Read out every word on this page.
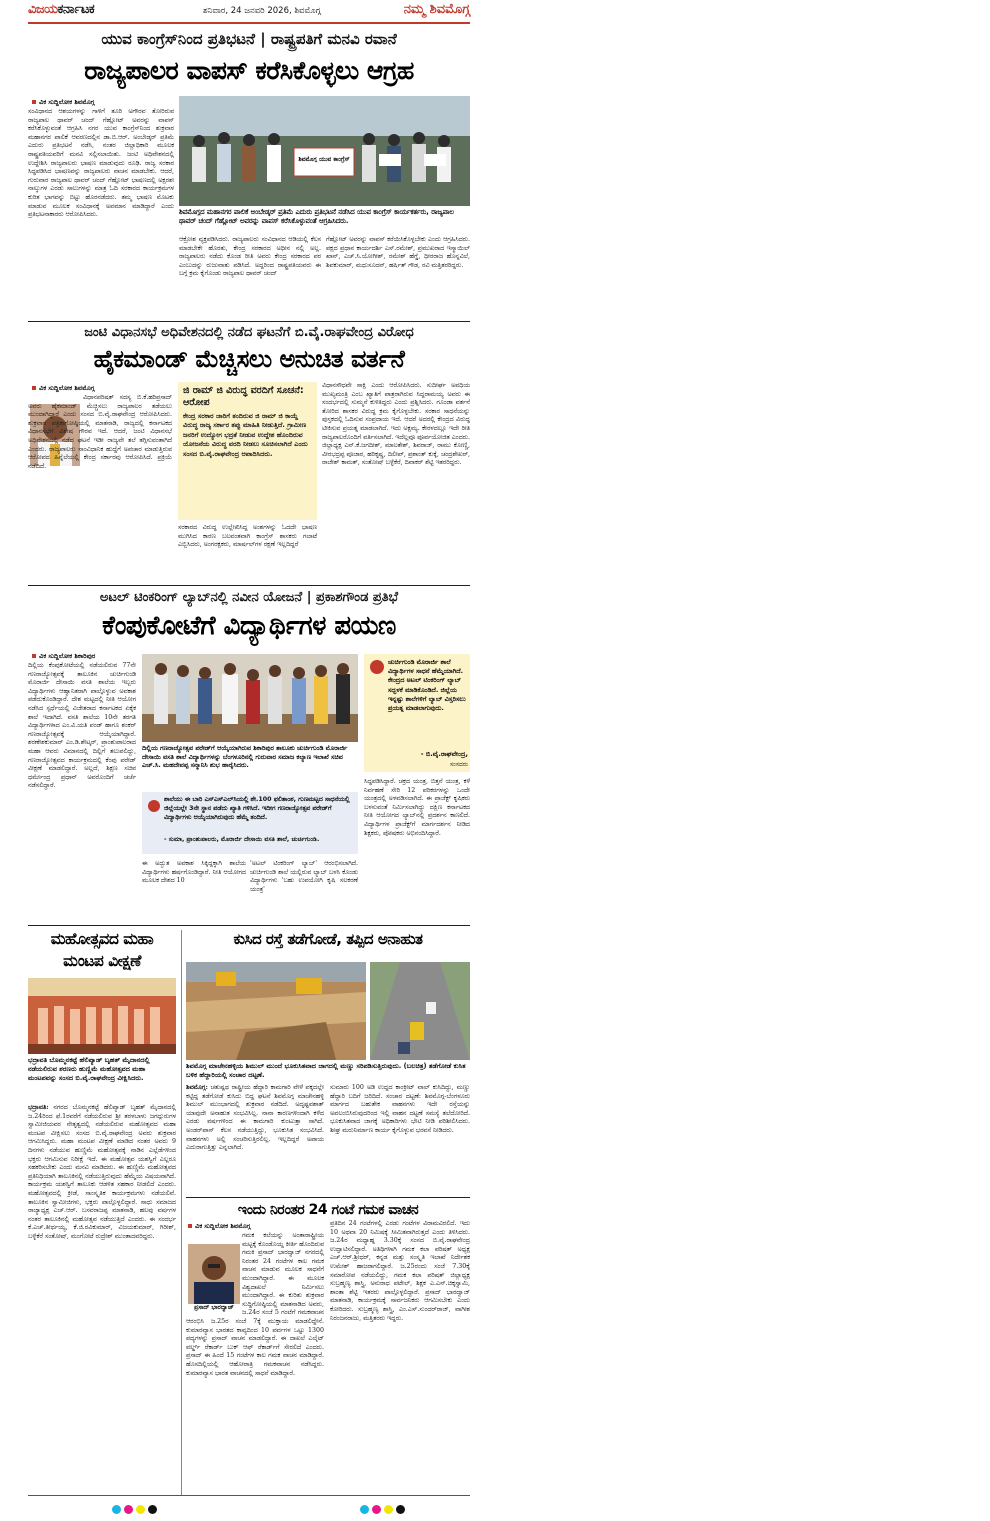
ವಿಜಯಕರ್ನಾಟಕ	ಶನಿವಾರ, 24 ಜನವರಿ 2026, ಶಿವಮೊಗ್ಗ	ನಮ್ಮ ಶಿವಮೊಗ್ಗ
ಯುವ ಕಾಂಗ್ರೆಸ್‌ನಿಂದ ಪ್ರತಿಭಟನೆ | ರಾಷ್ಟ್ರಪತಿಗೆ ಮನವಿ ರವಾನೆ
ರಾಜ್ಯಪಾಲರ ವಾಪಸ್ ಕರೆಸಿಕೊಳ್ಳಲು ಆಗ್ರಹ
ವಿಕ ಸುದ್ದಿಲೋಕ ಶಿವಮೊಗ್ಗ
ಸಂವಿಧಾನದ ಆಶಯಗಳನ್ನು ಗಾಳಿಗೆ ತೂರಿ ಅಗೌರವ ತೋರಿರುವ ರಾಜ್ಯಪಾಲ ಥಾವರ್ ಚಂದ್ ಗೆಹ್ಲೋಟ್ ಅವರನ್ನು ವಾಪಸ್ ಕರೆಸಿಕೊಳ್ಳುವಂತೆ ಆಗ್ರಹಿಸಿ ನಗರ ಯುವ ಕಾಂಗ್ರೆಸ್‌ನಿಂದ ಶುಕ್ರವಾರ ಮಹಾನಗರ ಪಾಲಿಕೆ ಆವರಣದಲ್ಲಿನ ಡಾ.ಬಿ.ಆರ್. ಅಂಬೇಡ್ಕರ್ ಪ್ರತಿಮೆ ಎದುರು ಪ್ರತಿಭಟನೆ ನಡೆಸಿ, ನಂತರ ಜಿಲ್ಲಾಧಿಕಾರಿ ಮೂಲಕ ರಾಷ್ಟ್ರಪತಿಯವರಿಗೆ ಮನವಿ ಸಲ್ಲಿಸಲಾಯಿತು. ಜಂಟಿ ಅಧಿವೇಶನದಲ್ಲಿ ಉದ್ದೇಶಿಸಿ ರಾಜ್ಯಪಾಲರು ಭಾಷಣ ಮಾಡುವುದು ರೂಢಿ. ರಾಜ್ಯ ಸರಕಾರ ಸಿದ್ಧಪಡಿಸಿದ ಭಾಷಣವನ್ನು ರಾಜ್ಯಪಾಲರು ವಾಚನ ಮಾಡಬೇಕು. ಆದರೆ, ಗುರುವಾರ ರಾಜ್ಯಪಾಲ ಥಾವರ್ ಚಂದ್ ಗೆಹ್ಲೋಟ್ ಭಾಷಣದಲ್ಲಿ ಅಕ್ಷರಶಃ ನಾಲ್ಕುಗಳ ಎರಡು ಸಾಲುಗಳನ್ನು ಮಾತ್ರ ಓದಿ ಸರಕಾರದ ಕಾರ್ಯಕ್ರಮಗಳ ಕುರಿತ ಭಾಗವನ್ನು ಬಿಟ್ಟು ಹೊರನಡೆದರು. ತಮ್ಮ ಭಾಷಣ ಮೊಟಕು ಮಾಡುವ ಮೂಲಕ ಸಂವಿಧಾನಕ್ಕೆ ಅವಮಾನ ಮಾಡಿದ್ದಾರೆ ಎಂದು ಪ್ರತಿಭಟನಾಕಾರರು ಆರೋಪಿಸಿದರು.
ಶಿವಮೊಗ್ಗ ಯುವ ಕಾಂಗ್ರೆಸ್
ಶಿವಮೊಗ್ಗದ ಮಹಾನಗರ ಪಾಲಿಕೆ ಅಂಬೇಡ್ಕರ್ ಪ್ರತಿಮೆ ಎದುರು ಪ್ರತಿಭಟನೆ ನಡೆಸಿದ ಯುವ ಕಾಂಗ್ರೆಸ್ ಕಾರ್ಯಕರ್ತರು, ರಾಜ್ಯಪಾಲ ಥಾವರ್ ಚಂದ್ ಗೆಹ್ಲೋಟ್ ಅವರನ್ನು ವಾಪಸ್ ಕರೆಸಿಕೊಳ್ಳುವಂತೆ ಆಗ್ರಹಿಸಿದರು.
ಆಕ್ರೋಶ ವ್ಯಕ್ತಪಡಿಸಿದರು. ರಾಜ್ಯಪಾಲರು ಸಂವಿಧಾನದ ಆಡಿಯಲ್ಲಿ ಕೆಲಸ ಮಾಡಬೇಕೇ ಹೊರತು, ಕೇಂದ್ರ ಸರಕಾರದ ಅಧೀನ ನಲ್ಲಿ ಅಲ್ಲ. ರಾಜ್ಯಪಾಲರು ನಡೆದು ಕೊಂಡ ರೀತಿ ಅವರು ಕೇಂದ್ರ ಸರಕಾರದ ಪರ ಎಂಬುದನ್ನು ರುಜುವಾತು ಪಡಿಸಿದೆ. ಅದ್ದರಿಂದ ರಾಷ್ಟ್ರಪತಿಯವರು ಈ ಬಗ್ಗೆ ಕ್ರಮ ಕೈಗೊಂಡು ರಾಜ್ಯಪಾಲ ಥಾವರ್ ಚಂದ್
ಗೆಹ್ಲೋಟ್ ಅವರನ್ನು ವಾಪಸ್ ಕರೆಯಿಸಿಕೊಳ್ಳಬೇಕು ಎಂದು ಆಗ್ರಹಿಸಿದರು. ಪಕ್ಷದ ಪ್ರಧಾನ ಕಾರ್ಯದರ್ಶಿ ಎಸ್.ರಮೇಶ್, ಪ್ರಮುಖರಾದ ಇಸ್ಮಾಯಿಲ್ ಖಾನ್, ಎಚ್.ಸಿ.ಯೋಗೀಶ್, ರಮೇಶ್ ಹೆಗ್ಡೆ, ಧೀರರಾಜ ಹೊನ್ನವಿಲೆ, ಶಿವಕುಮಾರ್, ಮಧುಸೂದನ್, ಹರ್ಷಿತ್ ಗೌಡ, ರವಿ ಮತ್ತಿತರರಿದ್ದರು.
ಜಂಟಿ ವಿಧಾನಸಭೆ ಅಧಿವೇಶನದಲ್ಲಿ ನಡೆದ ಘಟನೆಗೆ ಬಿ.ವೈ.ರಾಘವೇಂದ್ರ ವಿರೋಧ
ಹೈಕಮಾಂಡ್ ಮೆಚ್ಚಿಸಲು ಅನುಚಿತ ವರ್ತನೆ
ವಿಕ ಸುದ್ದಿಲೋಕ ಶಿವಮೊಗ್ಗ
ವಿಧಾನಪರಿಷತ್ ಸದಸ್ಯ ಬಿ.ಕೆ.ಹರಿಪ್ರಸಾದ್ ಅವರು ಹೈಕಮಾಂಡ್ ಮೆಚ್ಚಿಸಲು ರಾಜ್ಯಪಾಲರ ತಡೆಯಲು ಮುಂದಾಗಿದ್ದಾರೆ ಎಂದು ಸಂಸದ ಬಿ.ವೈ.ರಾಘವೇಂದ್ರ ಆರೋಪಿಸಿದರು. ಶುಕ್ರವಾರ ಪತ್ರಿಕಾಗೋಷ್ಠಿಯಲ್ಲಿ ಮಾತನಾಡಿ, ರಾಜ್ಯದಲ್ಲಿ ಕರ್ನಾಟಕದ ವಿಧಾನಸಭೆಗೆ ವಿಶೇಷ ಗೌರವ ಇದೆ. ಆದರೆ, ಜಂಟಿ ವಿಧಾನಸಭೆ ಅಧಿವೇಶನದಲ್ಲಿ ನಡೆದ ಘಟನೆ ಇಡೀ ರಾಜ್ಯವೇ ತಲೆ ತಗ್ಗಿಸುವಂತಾಗಿದೆ ಎಂದರು. ರಾಜ್ಯಪಾಲರು ಸಾಂವಿಧಾನಿಕ ಹುದ್ದೆಗೆ ಅಪಚಾರ ಮಾಡುತ್ತಿರುವ ಆರೋಪದ ಹಿನ್ನೆಲೆಯಲ್ಲಿ ಕೇಂದ್ರ ಸರ್ಕಾರವು ಆರೋಪಿಸಿದೆ. ಪ್ರಕ್ರಿಯೆ ನಡೆದಿದೆ.
ಜಿ ರಾಮ್ ಜಿ ವಿರುದ್ಧ ವರದಿಗೆ ಸೂಚನೆ: ಆರೋಪ
ಕೇಂದ್ರ ಸರಕಾರ ಜಾರಿಗೆ ತಂದಿರುವ ಜಿ ರಾಮ್ ಜಿ ಕಾಯ್ದೆ ವಿರುದ್ಧ ರಾಜ್ಯ ಸರ್ಕಾರ ತಪ್ಪು ಮಾಹಿತಿ ನೀಡುತ್ತಿದೆ. ಗ್ರಾಮೀಣ ಜನರಿಗೆ ಉದ್ಯೋಗ ಭದ್ರತೆ ನೀಡುವ ಉದ್ದೇಶ ಹೊಂದಿರುವ ಯೋಜನೆಯ ವಿರುದ್ಧ ವರದಿ ನೀಡಲು ಸೂಚಿಸಲಾಗಿದೆ ಎಂದು ಸಂಸದ ಬಿ.ವೈ.ರಾಘವೇಂದ್ರ ಆಪಾದಿಸಿದರು.
ಸರಕಾರದ ವಿರುದ್ಧ ಉಲ್ಲೇಖಿಸಿದ್ದ ಅಂಶಗಳನ್ನು ಓದದೇ ಭಾಷಣ ಮುಗಿಸಿದ ಕಾರಣ ಬಲವಂತವಾಗಿ ಕಾಂಗ್ರೆಸ್ ಶಾಸಕರು ಗಲಾಟೆ ಎಬ್ಬಿಸಿದರು, ಅಂಗರಕ್ಷಕರು, ಮಾರ್ಷಲ್‌ಗಳ ರಕ್ಷಣೆ ಇಲ್ಲದಿದ್ದರೆ
ವಿಧಾನಸೌಧವೇ ಸಾಕ್ಷಿ ಎಂದು ಆರೋಪಿಸಿದರು. ಸುದೀರ್ಘ ಅವಧಿಯ ಮುಖ್ಯಮಂತ್ರಿ ಎಂಬ ಖ್ಯಾತಿಗೆ ಪಾತ್ರರಾಗಿರುವ ಸಿದ್ದರಾಮಯ್ಯ ಅವರು ಈ ಸಂದರ್ಭದಲ್ಲಿ ಸುಮ್ಮನೆ ಕುಳಿತಿದ್ದರು ಎಂದು ಪ್ರಶ್ನಿಸಿದರು. ಗೂಂಡಾ ವರ್ತನೆ ತೋರಿದ ಶಾಸಕರ ವಿರುದ್ಧ ಕ್ರಮ ಕೈಗೊಳ್ಳಬೇಕು. ಸರಕಾರ ಸಾಧನೆಯನ್ನು ಪುಸ್ತಕದಲ್ಲಿ ಓದಿಸುವ ಸಂಪ್ರದಾಯ ಇದೆ. ಆದರೆ ಅದರಲ್ಲಿ ಕೇಂದ್ರದ ವಿರುದ್ಧ ಟೀಕಿಸುವ ಪ್ರಯತ್ನ ಮಾಡಲಾಗಿದೆ. ಇದು ಅಕ್ಷಮ್ಯ. ಕೇರಳದಲ್ಲೂ ಇದೇ ರೀತಿ ರಾಜ್ಯಪಾಲರೊಂದಿಗೆ ವರ್ತಿಸಲಾಗಿದೆ. ಇದೆಲ್ಲವೂ ಪೂರ್ವಯೋಜಿತ ಎಂದರು. ಜಿಲ್ಲಾಧ್ಯಕ್ಷ ಎನ್.ಕೆ.ಜಗದೀಶ್, ಮಾಲತೇಶ್, ಶಿವರಾಜ್, ರಾಮು ಕೋಣ್ಣಿ, ವೀರಭದ್ರಪ್ಪ ಪೂಜಾರ, ಹರಿಕೃಷ್ಣ, ದಿಲೀಪ್, ಪ್ರಶಾಂತ್ ಕುಕ್ಕೆ, ಚಂದ್ರಶೇಖರ್, ರಾಜೇಶ್ ಕಾಮತ್, ಸಂತೋಷ್ ಬಳ್ಳೆಕೆರೆ, ದಿವಾಕರ್ ಶೆಟ್ಟಿ ಇತರರಿದ್ದರು.
ಅಟಲ್ ಟಿಂಕರಿಂಗ್ ಲ್ಯಾಬ್‌ನಲ್ಲಿ ನವೀನ ಯೋಜನೆ | ಪ್ರಕಾಶಗೌಂಡ ಪ್ರತಿಭೆ
ಕೆಂಪುಕೋಟೆಗೆ ವಿದ್ಯಾರ್ಥಿಗಳ ಪಯಣ
ವಿಕ ಸುದ್ದಿಲೋಕ ಶಿಕಾರಿಪುರ
ದಿಲ್ಲಿಯ ಕೆಂಪುಕೋಟೆಯಲ್ಲಿ ನಡೆಯಲಿರುವ 77ನೇ ಗಣರಾಜ್ಯೋತ್ಸವಕ್ಕೆ ತಾಲೂಕಿನ ಚುರ್ಚಿಗುಂಡಿ ಮೊರಾರ್ಜಿ ದೇಸಾಯಿ ವಸತಿ ಶಾಲೆಯ ಇಬ್ಬರು ವಿದ್ಯಾರ್ಥಿಗಳು ಆಹ್ವಾನಿತರಾಗಿ ಪಾಲ್ಗೊಳ್ಳುವ ಅವಕಾಶ ಪಡೆದುಕೊಂಡಿದ್ದಾರೆ. ದೇಶ ಮಟ್ಟದಲ್ಲಿ ನೀತಿ ಆಯೋಗ ನಡೆಸಿದ ಸ್ಪರ್ಧೆಯಲ್ಲಿ ವಿಜೇತರಾದ ಕರ್ನಾಟಕದ ಏಕೈಕ ಶಾಲೆ ಇದಾಗಿದೆ. ವಸತಿ ಶಾಲೆಯ 10ನೇ ತರಗತಿ ವಿದ್ಯಾರ್ಥಿಗಳಾದ ಎಂ.ವಿ.ಯತಿ ಪಂಡ್‌ ಹಾಗೂ ಶಂಕರ್ ಗಣರಾಜ್ಯೋತ್ಸವಕ್ಕೆ ಆಯ್ಕೆಯಾಗಿದ್ದಾರೆ. ಶರಣೇಶಕುಮಾರ್ ಎಂ.ಡಿ.ಶೇಟ್ಕರ್, ಪ್ರಾಂಶುಪಾಲರಾದ ಮಹಾ ಆವರು ವಿಮಾನದಲ್ಲಿ ದಿಲ್ಲಿಗೆ ತಲುಪಲಿದ್ದು, ಗಣರಾಜ್ಯೋತ್ಸವದ ಕಾರ್ಯಕ್ರಮದಲ್ಲಿ ಕೆಂಪು ಪರೇಡ್ ವೀಕ್ಷಣೆ ಮಾಡಲಿದ್ದಾರೆ. ಅಲ್ಲದೆ, ಶಿಕ್ಷಣ ಸಚಿವ ಧರ್ಮೇಂದ್ರ ಪ್ರಧಾನ್ ಅವರೊಂದಿಗೆ ಚರ್ಚೆ ನಡೆಸಲಿದ್ದಾರೆ.
ದಿಲ್ಲಿಯ ಗಣರಾಜ್ಯೋತ್ಸವ ಪರೇಡ್‌ಗೆ ಆಯ್ಕೆಯಾಗಿರುವ ಶಿಕಾರಿಪುರ ತಾಲೂಕು ಚುರ್ಚಿಗುಂಡಿ ಮೊರಾರ್ಜಿ ದೇಸಾಯಿ ವಸತಿ ಶಾಲೆ ವಿದ್ಯಾರ್ಥಿಗಳನ್ನು ಬೆಂಗಳೂರಿನಲ್ಲಿ ಗುರುವಾರ ಸಮಾಜ ಕಲ್ಯಾಣ ಇಲಾಖೆ ಸಚಿವ ಎಚ್.ಸಿ. ಮಹದೇವಪ್ಪ ಸನ್ಮಾನಿಸಿ ಶುಭ ಹಾರೈಸಿದರು.
ಚುರ್ಚಿಗುಂಡಿ ಮೊರಾರ್ಜಿ ಶಾಲೆ ವಿದ್ಯಾರ್ಥಿಗಳ ಸಾಧನೆ ಹೆಮ್ಮೆಯಾಗಿದೆ. ಕೇಂದ್ರದ ಅಟಲ್ ಟಿಂಕರಿಂಗ್ ಲ್ಯಾಬ್ ಸದ್ಬಳಕೆ ಮಾಡಿಕೊಂಡಿದೆ. ಜಿಲ್ಲೆಯ ಇನ್ನಷ್ಟು ಶಾಲೆಗಳಿಗೆ ಲ್ಯಾಬ್ ವಿಸ್ತರಿಸಲು ಪ್ರಯತ್ನ ಮಾಡಲಾಗುವುದು.
- ಬಿ.ವೈ.ರಾಘವೇಂದ್ರ,
ಸಂಸದರು
ಶಾಲೆಯು ಈ ಬಾರಿ ಎಸ್ಎಸ್ಎಲ್‌ಸಿಯಲ್ಲಿ ಶೇ.100 ಫಲಿತಾಂಶ, ಗುಣಮಟ್ಟದ ಸಾಧನೆಯಲ್ಲಿ ಜಿಲ್ಲೆಯಲ್ಲೇ 3ನೇ ಸ್ಥಾನ ಪಡೆದು ಖ್ಯಾತಿ ಗಳಿಸಿದೆ. ಇದೀಗ ಗಣರಾಜ್ಯೋತ್ಸವ ಪರೇಡ್‌ಗೆ ವಿದ್ಯಾರ್ಥಿಗಳು ಆಯ್ಕೆಯಾಗಿರುವುದು ಹೆಮ್ಮೆ ತಂದಿದೆ.
- ಸುಮಾ, ಪ್ರಾಂಶುಪಾಲರು, ಮೊರಾರ್ಜಿ ದೇಸಾಯಿ ವಸತಿ ಶಾಲೆ, ಚುರ್ಚಿಗುಂಡಿ.
ಈ ಅದ್ಭುತ ಅವಕಾಶ ಸಿಕ್ಕಿದ್ದಕ್ಕಾಗಿ ಶಾಲೆಯ ವಿದ್ಯಾರ್ಥಿಗಳು ಹರ್ಷಗೊಂಡಿದ್ದಾರೆ. ನೀತಿ ಆಯೋಗದ ಮೂಲಕ ದೇಶದ 10
'ಅಟಲ್ ಟಿಂಕರಿಂಗ್ ಲ್ಯಾಬ್' ಆರಂಭಿಸಲಾಗಿದೆ. ಚುರ್ಚಿಗುಂಡಿ ಶಾಲೆ ಯಲ್ಲಿರುವ ಲ್ಯಾಬ್ ಬಳಸಿ ಕೊಂಡು ವಿದ್ಯಾರ್ಥಿಗಳು 'ಬಹು ಉಪಯೋಗಿ ಕೃಷಿ ಸಲಕರಣೆ ಯಂತ್ರ'
ಸಿದ್ಧಪಡಿಸಿದ್ದಾರೆ. ಚಕ್ರದ ಯಂತ್ರ, ಬಿತ್ತನೆ ಯಂತ್ರ, ಕಳೆ ನಿರ್ವಹಣೆ ಸೇರಿ 12 ಪರಿಕರಗಳನ್ನು ಒಂದೇ ಯಂತ್ರದಲ್ಲಿ ಅಳವಡಿಸಲಾಗಿದೆ. ಈ ಪ್ರಾಜೆಕ್ಟ್ ಕೃಷಿಕರು ಬಳಸುವಂತೆ ನಿರ್ಮಿಸಲಾಗಿದ್ದು ದಕ್ಷಿಣ ಕರ್ನಾಟಕದ ನೀತಿ ಆಯೋಗದ ಲ್ಯಾಬ್‌ನಲ್ಲಿ ಪ್ರದರ್ಶನ ಕಾಣಲಿದೆ. ವಿದ್ಯಾರ್ಥಿಗಳ ಪ್ರಾಜೆಕ್ಟ್‌ಗೆ ಮಾರ್ಗದರ್ಶನ ನೀಡಿದ ಶಿಕ್ಷಕರು, ಪೋಷಕರು ಅಭಿನಂದಿಸಿದ್ದಾರೆ.
ಮಹೋತ್ಸವದ ಮಹಾ
ಮಂಟಪ ವೀಕ್ಷಣೆ
ಭದ್ರಾವತಿ ಬೊಮ್ಮನಕಟ್ಟೆ ಹೆಲಿಪ್ಯಾಡ್ ಬೃಹತ್ ಮೈದಾನದಲ್ಲಿ ನಡೆಯಲಿರುವ ಶರಣರು ಹುಣ್ಣಿಮೆ ಮಹೋತ್ಸವದ ಮಹಾ ಮಂಟಪವನ್ನು ಸಂಸದ ಬಿ.ವೈ.ರಾಘವೇಂದ್ರ ವೀಕ್ಷಿಸಿದರು.
ಭದ್ರಾವತಿ: ನಗರದ ಬೊಮ್ಮನಕಟ್ಟೆ ಹೆಲಿಪ್ಯಾಡ್ ಬೃಹತ್ ಮೈದಾನದಲ್ಲಿ ಜ.24ರಿಂದ ಫೆ.1ರವರೆಗೆ ನಡೆಯಲಿರುವ ಶ್ರೀ ತರಳಬಾಳು ಜಗದ್ಗುರುಗಳ ಸ್ವಾಮೀಜಿಯವರ ನೇತೃತ್ವದಲ್ಲಿ ನಡೆಯಲಿರುವ ಮಹೋತ್ಸವದ ಮಹಾ ಮಂಟಪ ವೀಕ್ಷಿಸಲು ಸಂಸದ ಬಿ.ವೈ.ರಾಘವೇಂದ್ರ ಅವರು ಶುಕ್ರವಾರ ಆಗಮಿಸಿದ್ದರು. ಮಹಾ ಮಂಟಪ ವೀಕ್ಷಣೆ ಮಾಡಿದ ನಂತರ ಅವರು 9 ದಿನಗಳು ನಡೆಯುವ ಹುಣ್ಣಿಮೆ ಮಹೋತ್ಸವಕ್ಕೆ ನಾಡಿನ ಎಲ್ಲೆಡೆಗಳಿಂದ ಭಕ್ತರು ಆಗಮಿಸುವ ನಿರೀಕ್ಷೆ ಇದೆ. ಈ ಮಹೋತ್ಸವ ಯಶಸ್ವಿಗೆ ಎಲ್ಲರೂ ಸಹಕರಿಸಬೇಕು ಎಂದು ಮನವಿ ಮಾಡಿದರು. ಈ ಹುಣ್ಣಿಮೆ ಮಹೋತ್ಸವದ ಪ್ರತಿನಿಧಿಯಾಗಿ ತಾಲೂಕಿನಲ್ಲಿ ನಡೆಯುತ್ತಿರುವುದು ಹೆಮ್ಮೆಯ ವಿಷಯವಾಗಿದೆ. ಕಾರ್ಯಕ್ರಮ ಯಶಸ್ವಿಗೆ ತಾಲೂಕು ಆಡಳಿತ ಸಹಕಾರ ನೀಡಲಿದೆ ಎಂದರು. ಮಹೋತ್ಸವದಲ್ಲಿ ಕ್ರೀಡೆ, ಸಾಂಸ್ಕೃತಿಕ ಕಾರ್ಯಕ್ರಮಗಳು ನಡೆಯಲಿವೆ. ತಾಲೂಕಿನ ಸ್ವಾಮೀಜಿಗಳು, ಭಕ್ತರು ಪಾಲ್ಗೊಳ್ಳಲಿದ್ದಾರೆ. ಸಾಧು ಸಮಾಜದ ರಾಜ್ಯಾಧ್ಯಕ್ಷ ಎಚ್.ಆರ್. ಬಸವರಾಜಪ್ಪ ಮಾತನಾಡಿ, ಹಲವು ವರ್ಷಗಳ ನಂತರ ತಾಲೂಕಿನಲ್ಲಿ ಮಹೋತ್ಸವ ನಡೆಯುತ್ತಿದೆ ಎಂದರು. ಈ ಸಂದರ್ಭ ಕೆ.ಎಚ್.ತೀರ್ಥಯ್ಯ, ಕೆ.ಜಿ.ರವಿಕುಮಾರ್, ವಿಜಯಕುಮಾರ್, ಗಿರೀಶ್, ಬಳ್ಳೆಕೆರೆ ಸಂತೋಷ್, ಮಂಗೋಟೆ ರುದ್ರೇಶ್ ಮುಂತಾದವರಿದ್ದರು.
ಕುಸಿದ ರಸ್ತೆ ತಡೆಗೋಡೆ, ತಪ್ಪಿದ ಅನಾಹುತ
ಶಿವಮೊಗ್ಗ ಮಾಚೇನಹಳ್ಳಿಯ ಶಿಮುಲ್ ಮುಂದೆ ಭೂಕುಸಿತವಾದ ಜಾಗದಲ್ಲಿ ಮಣ್ಣು ಸರಿಪಡಿಸುತ್ತಿರುವುದು. (ಬಲಚಿತ್ರ) ತಡೆಗೋಡೆ ಕುಸಿತ ಬಳಿಕ ಹೆದ್ದಾರಿಯಲ್ಲಿ ಸಂಚಾರ ದಟ್ಟಣೆ.
ಶಿವಮೊಗ್ಗ: ಚತುಷ್ಪಥ ರಾಷ್ಟ್ರೀಯ ಹೆದ್ದಾರಿ ಕಾಮಗಾರಿ ವೇಳೆ ಪಕ್ಕದಲ್ಲೇ ಕಟ್ಟಿದ್ದ ತಡೆಗೋಡೆ ಕುಸಿದು ಬಿದ್ದ ಘಟನೆ ಶಿವಮೊಗ್ಗ ಮಾಚೇನಹಳ್ಳಿ ಶಿಮುಲ್ ಮುಂಭಾಗದಲ್ಲಿ ಶುಕ್ರವಾರ ನಡೆದಿದೆ. ಅದೃಷ್ಟವಶಾತ್ ಯಾವುದೇ ಅನಾಹುತ ಸಂಭವಿಸಿಲ್ಲ. ನಾನಾ ಕಾರಣಗಳಿಂದಾಗಿ ಕಳೆದ ಎರಡು ವರ್ಷಗಳಿಂದ ಈ ಕಾಮಗಾರಿ ಕುಂಟುತ್ತಾ ಸಾಗಿದೆ. ಅಂಡರ್‌ಪಾಸ್ ಕೆಲಸ ನಡೆಯುತ್ತಿದ್ದು, ಭೂಕುಸಿತ ಸಂಭವಿಸಿದೆ. ವಾಹನಗಳು ಅಲ್ಲಿ ಸಂಚರಿಸುತ್ತಿರಲಿಲ್ಲ. ಇಲ್ಲದಿದ್ದರೆ ಅಪಾಯ ಎದುರಾಗುತ್ತಿತ್ತು ಎನ್ನಲಾಗಿದೆ.
ಸುಮಾರು 100 ಅಡಿ ಉದ್ದದ ಕಾಂಕ್ರೀಟ್ ವಾಲ್ ಕುಸಿದಿದ್ದು, ಮಣ್ಣು ಹೆದ್ದಾರಿ ಬದಿಗೆ ಜರಿದಿದೆ. ಸಂಚಾರ ದಟ್ಟಣೆ: ಶಿವಮೊಗ್ಗ-ಬೆಂಗಳೂರು ಮಾರ್ಗದ ಬಹುತೇಕ ವಾಹನಗಳು ಇದೇ ರಸ್ತೆಯನ್ನು ಅವಲಂಬಿಸಿರುವುದರಿಂದ ಇಲ್ಲಿ ವಾಹನ ದಟ್ಟಣೆ ಸಮಸ್ಯೆ ತಲೆದೋರಿದೆ. ಭೂಕುಸಿತವಾದ ಜಾಗಕ್ಕೆ ಅಧಿಕಾರಿಗಳು ಭೇಟಿ ನೀಡಿ ಪರಿಶೀಲಿಸಿದರು. ಶೀಘ್ರ ಮರುನಿರ್ಮಾಣ ಕಾರ್ಯ ಕೈಗೊಳ್ಳುವ ಭರವಸೆ ನೀಡಿದರು.
ಇಂದು ನಿರಂತರ 24 ಗಂಟೆ ಗಮಕ ವಾಚನ
ವಿಕ ಸುದ್ದಿಲೋಕ ಶಿವಮೊಗ್ಗ
ಪ್ರಸಾದ್ ಭಾರದ್ವಾಜ್
ಗಮಕ ಕಲೆಯನ್ನು ಅಂತಾರಾಷ್ಟ್ರೀಯ ಮಟ್ಟಕ್ಕೆ ಕೊಂಡೊಯ್ದ ಕೀರ್ತಿ ಹೊಂದಿರುವ ಗಮಕಿ ಪ್ರಸಾದ್ ಭಾರದ್ವಾಜ್ ನಗರದಲ್ಲಿ ನಿರಂತರ 24 ಗಂಟೆಗಳ ಕಾಲ ಗಮಕ ವಾಚನ ಮಾಡುವ ಮೂಲಕ ಸಾಧನೆಗೆ ಮುಂದಾಗಿದ್ದಾರೆ. ಈ ಮೂಲಕ ವಿಶ್ವದಾಖಲೆ ನಿರ್ಮಿಸಲು ಮುಂದಾಗಿದ್ದಾರೆ. ಈ ಕುರಿತು ಶುಕ್ರವಾರ ಸುದ್ದಿಗೋಷ್ಠಿಯಲ್ಲಿ ಮಾತನಾಡಿದ ಅವರು, ಜ.24ರ ಸಂಜೆ 5 ಗಂಟೆಗೆ ಗಮಕವಾಚನ ಆರಂಭಿಸಿ ಜ.25ರ ಸಂಜೆ 7ಕ್ಕೆ ಮುಕ್ತಾಯ ಮಾಡಲಿದ್ದೇನೆ. ಕುಮಾರವ್ಯಾಸ ಭಾರತದ ಕಾವ್ಯದಿಂದ 10 ಪರ್ವಗಳ ಒಟ್ಟು 1300 ಪದ್ಯಗಳನ್ನು ಪ್ರಸಾದ್ ವಾಚನ ಮಾಡಲಿದ್ದಾರೆ. ಈ ದಾಖಲೆ ಎಲೈಟ್ ವರ್ಲ್ಡ್ ರೆಕಾರ್ಡ್ ಬುಕ್ ಆಫ್ ರೆಕಾರ್ಡ್‌ಗೆ ಸೇರಲಿದೆ ಎಂದರು. ಪ್ರಸಾದ್ ಈ ಹಿಂದೆ 15 ಗಂಟೆಗಳ ಕಾಲ ಗಮಕ ವಾಚನ ಮಾಡಿದ್ದಾರೆ. ಹೊಸದಿಲ್ಲಿಯಲ್ಲಿ ಆಹೋರಾತ್ರಿ ಗಮಕವಾಚನ ನಡೆಸಿದ್ದರು. ಕುಮಾರವ್ಯಾಸ ಭಾರತ ವಾಚನದಲ್ಲಿ ಸಾಧನೆ ಮಾಡಿದ್ದಾರೆ.
ಪ್ರತಿದಿನ 24 ಗಂಟೆಗಳಲ್ಲಿ ಎರಡು ಗಂಟೆಗಳ ವಿರಾಮವಿರಲಿದೆ. ಇದು 10 ಅಥವಾ 20 ನಿಮಿಷಕ್ಕೆ ಸೀಮಿತವಾಗಿರುತ್ತದೆ ಎಂದು ತಿಳಿಸಿದರು. ಜ.24ರ ಮಧ್ಯಾಹ್ನ 3.30ಕ್ಕೆ ಸಂಸದ ಬಿ.ವೈ.ರಾಘವೇಂದ್ರ ಉದ್ಘಾಟಿಸಲಿದ್ದಾರೆ. ಅತಿಥಿಗಳಾಗಿ ಗಮಕ ಕಲಾ ಪರಿಷತ್ ಅಧ್ಯಕ್ಷ ಎಚ್.ಆರ್.ಶ್ರೀಧರ್, ಕನ್ನಡ ಮತ್ತು ಸಂಸ್ಕೃತಿ ಇಲಾಖೆ ನಿರ್ದೇಶಕ ಉಮೇಶ್ ಹಾಜರಾಗಲಿದ್ದಾರೆ. ಜ.25ರಂದು ಸಂಜೆ 7.30ಕ್ಕೆ ಸಮಾರೋಪ ನಡೆಯಲಿದ್ದು, ಗಮಕ ಕಲಾ ಪರಿಷತ್ ಜಿಲ್ಲಾಧ್ಯಕ್ಷ ಸುಬ್ರಹ್ಮಣ್ಯ ಶಾಸ್ತ್ರಿ, ಅನುರಾಧ ಪಟೇಲ್, ಶಿಕ್ಷಕ ಎ.ಎನ್.ಚಿಕ್ಕಸ್ವಾಮಿ, ಶಾಂತಾ ಶೆಟ್ಟಿ ಇತರರು ಪಾಲ್ಗೊಳ್ಳಲಿದ್ದಾರೆ. ಪ್ರಸಾದ್ ಭಾರದ್ವಾಜ್ ಮಾತನಾಡಿ, ಕಾರ್ಯಕ್ರಮಕ್ಕೆ ಸಾರ್ವಜನಿಕರು ಆಗಮಿಸಬೇಕು ಎಂದು ಕೋರಿದರು. ಸುಬ್ರಹ್ಮಣ್ಯ ಶಾಸ್ತ್ರಿ, ಎಂ.ಎಸ್.ಸುಂದರ್‌ರಾಜ್, ವಾಗೀಶ ನಿರಂಜನರಾಜು, ಮತ್ತಿತರರು ಇದ್ದರು.
